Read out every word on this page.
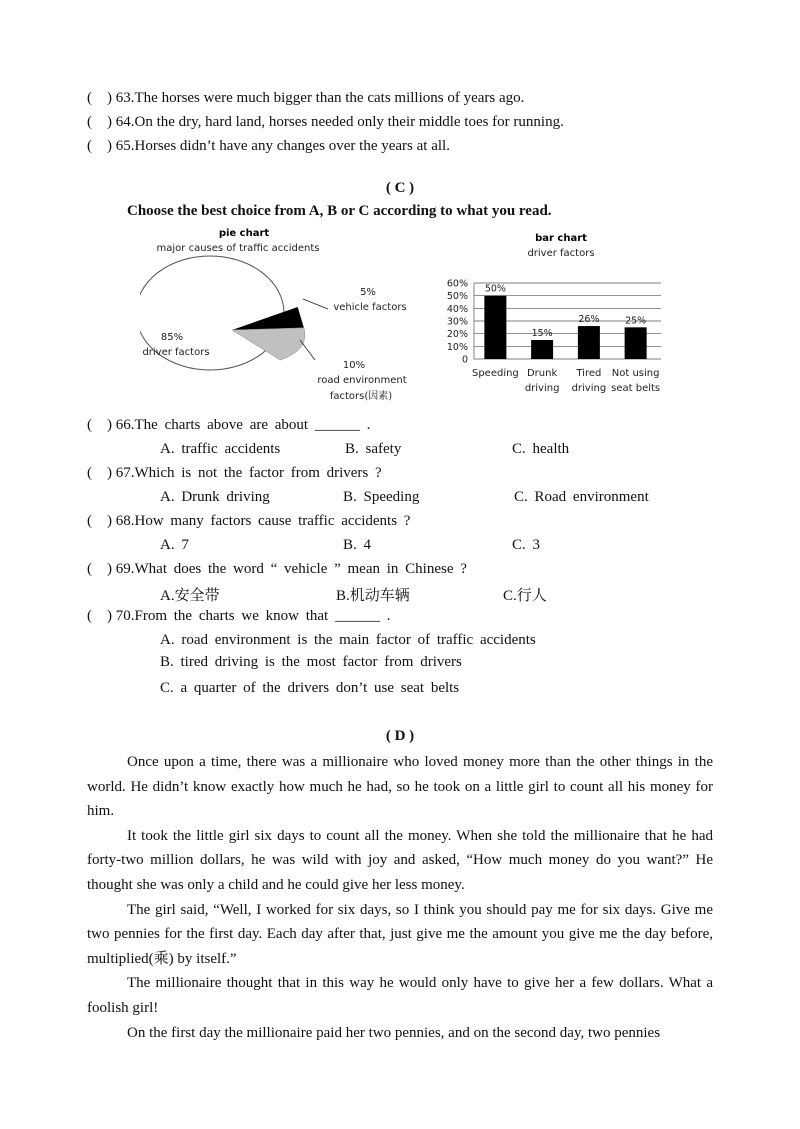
( ) 63.The horses were much bigger than the cats millions of years ago.
( ) 64.On the dry, hard land, horses needed only their middle toes for running.
( ) 65.Horses didn’t have any changes over the years at all.
( C )
Choose the best choice from A, B or C according to what you read.
pie chart
major causes of traffic accidents
85%
driver factors
5%
vehicle factors
10%
road environment
factors(因素)
bar chart
driver factors
0
10%
20%
30%
40%
50%
60% 50%
Speeding
15%
Drunk
driving
26%
Tired
driving
25%
Not using
seat belts
( ) 66.The charts above are about ______ .
A. traffic accidents	B. safety	C. health
( ) 67.Which is not the factor from drivers ?
A. Drunk driving	B. Speeding	C. Road environment
( ) 68.How many factors cause traffic accidents ?
A. 7	B. 4	C. 3
( ) 69.What does the word “ vehicle ” mean in Chinese ?
A.安全带	B.机动车辆	C.行人
( ) 70.From the charts we know that ______ .
A. road environment is the main factor of traffic accidents
B. tired driving is the most factor from drivers
C. a quarter of the drivers don’t use seat belts
( D )

Once upon a time, there was a millionaire who loved money more than the other things in the world. He didn’t know exactly how much he had, so he took on a little girl to count all his money for him.

It took the little girl six days to count all the money. When she told the millionaire that he had forty-two million dollars, he was wild with joy and asked, “How much money do you want?” He thought she was only a child and he could give her less money.

The girl said, “Well, I worked for six days, so I think you should pay me for six days. Give me two pennies for the first day. Each day after that, just give me the amount you give me the day before, multiplied(乘) by itself.”

The millionaire thought that in this way he would only have to give her a few dollars. What a foolish girl!

On the first day the millionaire paid her two pennies, and on the second day, two pennies
